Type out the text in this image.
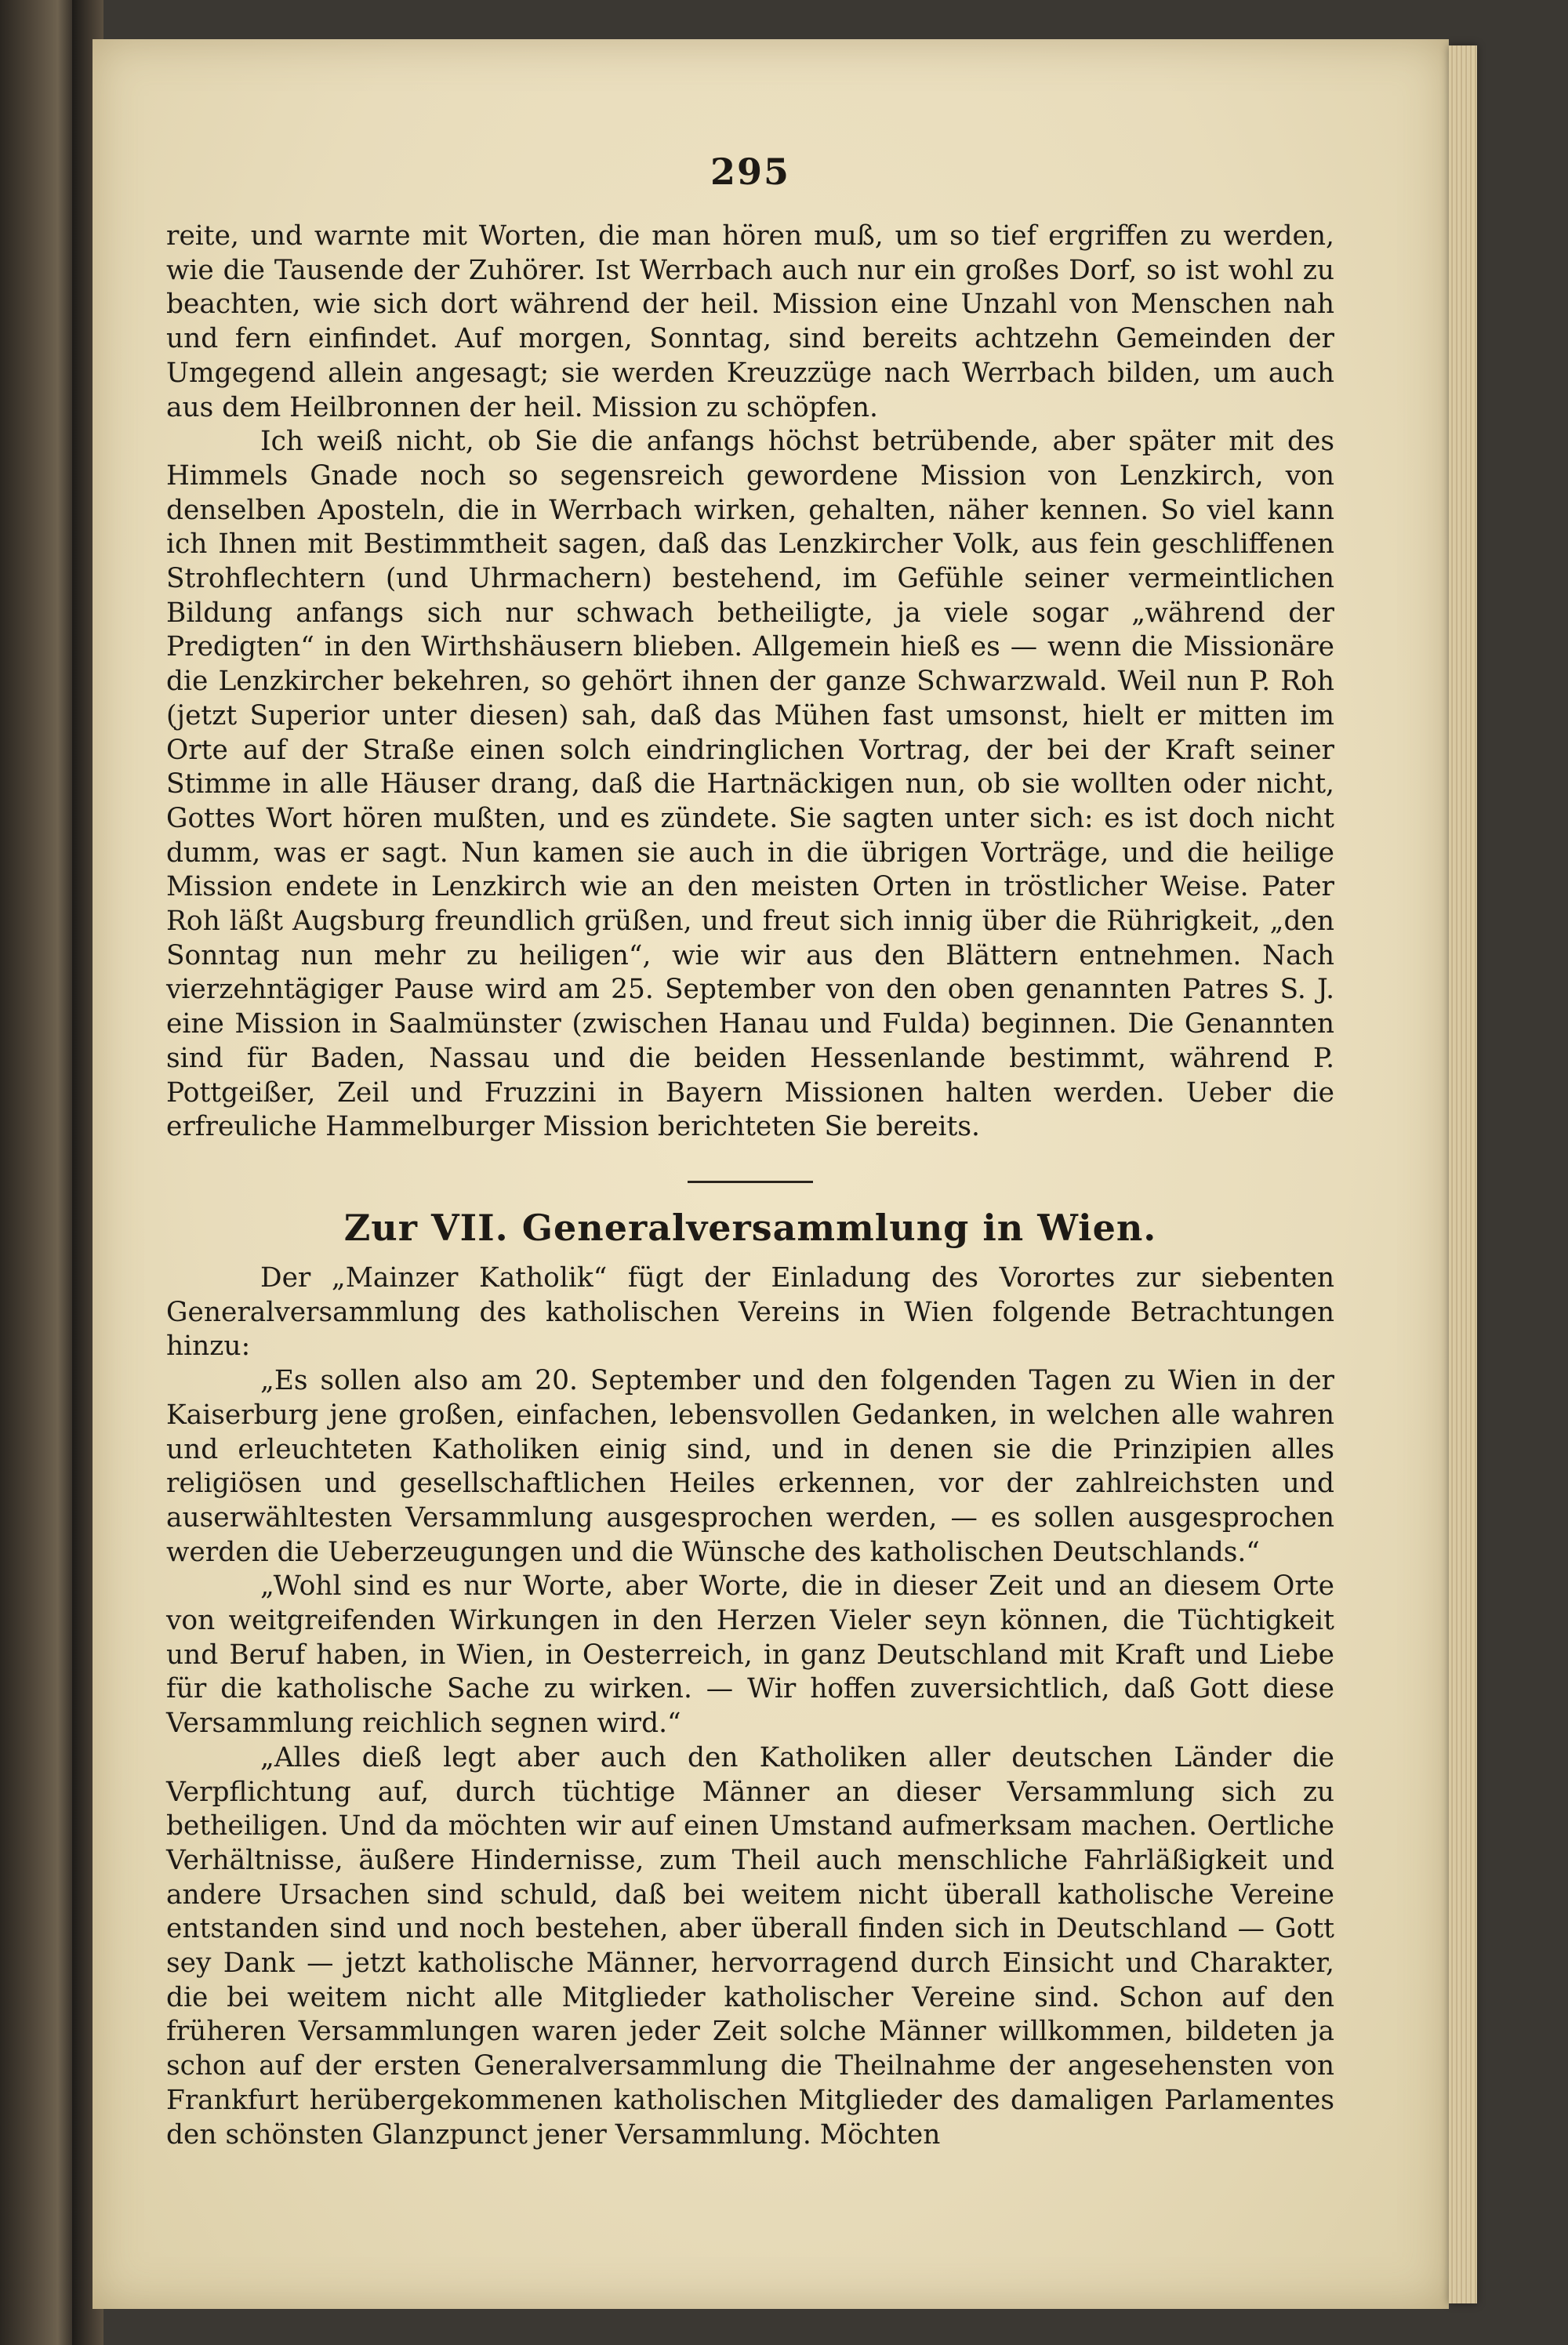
295

reite, und warnte mit Worten, die man hören muß, um so tief ergriffen zu werden, wie die Tausende der Zuhörer. Ist Werrbach auch nur ein großes Dorf, so ist wohl zu beachten, wie sich dort während der heil. Mission eine Unzahl von Menschen nah und fern einfindet. Auf morgen, Sonntag, sind bereits achtzehn Gemeinden der Umgegend allein angesagt; sie werden Kreuzzüge nach Werrbach bilden, um auch aus dem Heilbronnen der heil. Mission zu schöpfen.

Ich weiß nicht, ob Sie die anfangs höchst betrübende, aber später mit des Himmels Gnade noch so segensreich gewordene Mission von Lenzkirch, von denselben Aposteln, die in Werrbach wirken, gehalten, näher kennen. So viel kann ich Ihnen mit Bestimmtheit sagen, daß das Lenzkircher Volk, aus fein geschliffenen Strohflechtern (und Uhrmachern) bestehend, im Gefühle seiner vermeintlichen Bildung anfangs sich nur schwach betheiligte, ja viele sogar „während der Predigten“ in den Wirthshäusern blieben. Allgemein hieß es — wenn die Missionäre die Lenzkircher bekehren, so gehört ihnen der ganze Schwarzwald. Weil nun P. Roh (jetzt Superior unter diesen) sah, daß das Mühen fast umsonst, hielt er mitten im Orte auf der Straße einen solch eindringlichen Vortrag, der bei der Kraft seiner Stimme in alle Häuser drang, daß die Hartnäckigen nun, ob sie wollten oder nicht, Gottes Wort hören mußten, und es zündete. Sie sagten unter sich: es ist doch nicht dumm, was er sagt. Nun kamen sie auch in die übrigen Vorträge, und die heilige Mission endete in Lenzkirch wie an den meisten Orten in tröstlicher Weise. Pater Roh läßt Augsburg freundlich grüßen, und freut sich innig über die Rührigkeit, „den Sonntag nun mehr zu heiligen“, wie wir aus den Blättern entnehmen. Nach vierzehntägiger Pause wird am 25. September von den oben genannten Patres S. J. eine Mission in Saalmünster (zwischen Hanau und Fulda) beginnen. Die Genannten sind für Baden, Nassau und die beiden Hessenlande bestimmt, während P. Pottgeißer, Zeil und Fruzzini in Bayern Missionen halten werden. Ueber die erfreuliche Hammelburger Mission berichteten Sie bereits.

Zur VII. Generalversammlung in Wien.

Der „Mainzer Katholik“ fügt der Einladung des Vorortes zur siebenten Generalversammlung des katholischen Vereins in Wien folgende Betrachtungen hinzu:

„Es sollen also am 20. September und den folgenden Tagen zu Wien in der Kaiserburg jene großen, einfachen, lebensvollen Gedanken, in welchen alle wahren und erleuchteten Katholiken einig sind, und in denen sie die Prinzipien alles religiösen und gesellschaftlichen Heiles erkennen, vor der zahlreichsten und auserwähltesten Versammlung ausgesprochen werden, — es sollen ausgesprochen werden die Ueberzeugungen und die Wünsche des katholischen Deutschlands.“

„Wohl sind es nur Worte, aber Worte, die in dieser Zeit und an diesem Orte von weitgreifenden Wirkungen in den Herzen Vieler seyn können, die Tüchtigkeit und Beruf haben, in Wien, in Oesterreich, in ganz Deutschland mit Kraft und Liebe für die katholische Sache zu wirken. — Wir hoffen zuversichtlich, daß Gott diese Versammlung reichlich segnen wird.“

„Alles dieß legt aber auch den Katholiken aller deutschen Länder die Verpflichtung auf, durch tüchtige Männer an dieser Versammlung sich zu betheiligen. Und da möchten wir auf einen Umstand aufmerksam machen. Oertliche Verhältnisse, äußere Hindernisse, zum Theil auch menschliche Fahrläßigkeit und andere Ursachen sind schuld, daß bei weitem nicht überall katholische Vereine entstanden sind und noch bestehen, aber überall finden sich in Deutschland — Gott sey Dank — jetzt katholische Männer, hervorragend durch Einsicht und Charakter, die bei weitem nicht alle Mitglieder katholischer Vereine sind. Schon auf den früheren Versammlungen waren jeder Zeit solche Männer willkommen, bildeten ja schon auf der ersten Generalversammlung die Theilnahme der angesehensten von Frankfurt herübergekommenen katholischen Mitglieder des damaligen Parlamentes den schönsten Glanzpunct jener Versammlung. Möchten
